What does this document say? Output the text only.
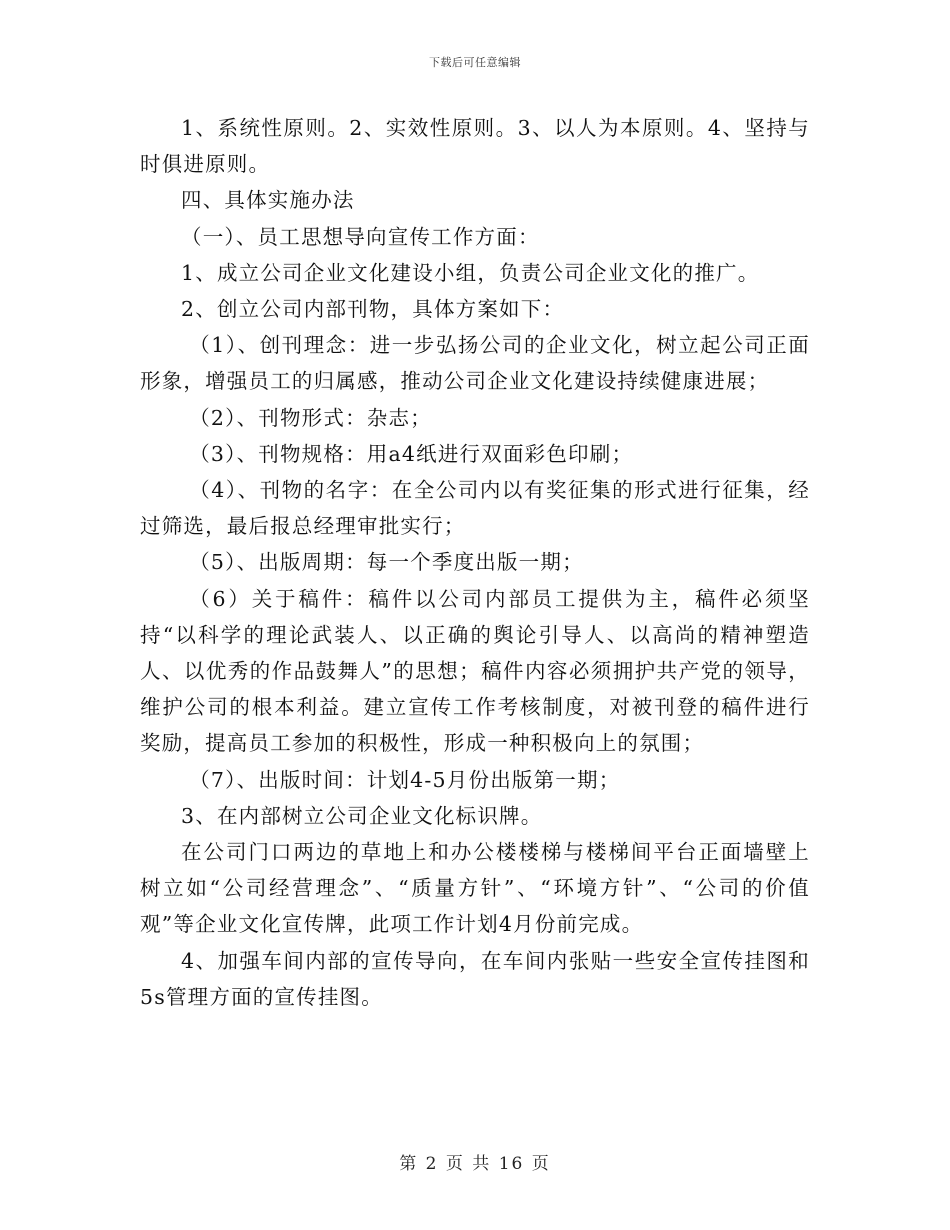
下载后可任意编辑

1、系统性原则。2、实效性原则。3、以人为本原则。4、坚持与时俱进原则。

四、具体实施办法

（一）、员工思想导向宣传工作方面：

1、成立公司企业文化建设小组，负责公司企业文化的推广。

2、创立公司内部刊物，具体方案如下：

（1）、创刊理念：进一步弘扬公司的企业文化，树立起公司正面形象，增强员工的归属感，推动公司企业文化建设持续健康进展；

（2）、刊物形式：杂志；

（3）、刊物规格：用a4纸进行双面彩色印刷；

（4）、刊物的名字：在全公司内以有奖征集的形式进行征集，经过筛选，最后报总经理审批实行；

（5）、出版周期：每一个季度出版一期；

（6）关于稿件：稿件以公司内部员工提供为主，稿件必须坚持“以科学的理论武装人、以正确的舆论引导人、以高尚的精神塑造人、以优秀的作品鼓舞人”的思想；稿件内容必须拥护共产党的领导，维护公司的根本利益。建立宣传工作考核制度，对被刊登的稿件进行奖励，提高员工参加的积极性，形成一种积极向上的氛围；

（7）、出版时间：计划4-5月份出版第一期；

3、在内部树立公司企业文化标识牌。

在公司门口两边的草地上和办公楼楼梯与楼梯间平台正面墙壁上树立如“公司经营理念”、“质量方针”、“环境方针”、“公司的价值观”等企业文化宣传牌，此项工作计划4月份前完成。

4、加强车间内部的宣传导向，在车间内张贴一些安全宣传挂图和5s管理方面的宣传挂图。

第 2 页 共 16 页
